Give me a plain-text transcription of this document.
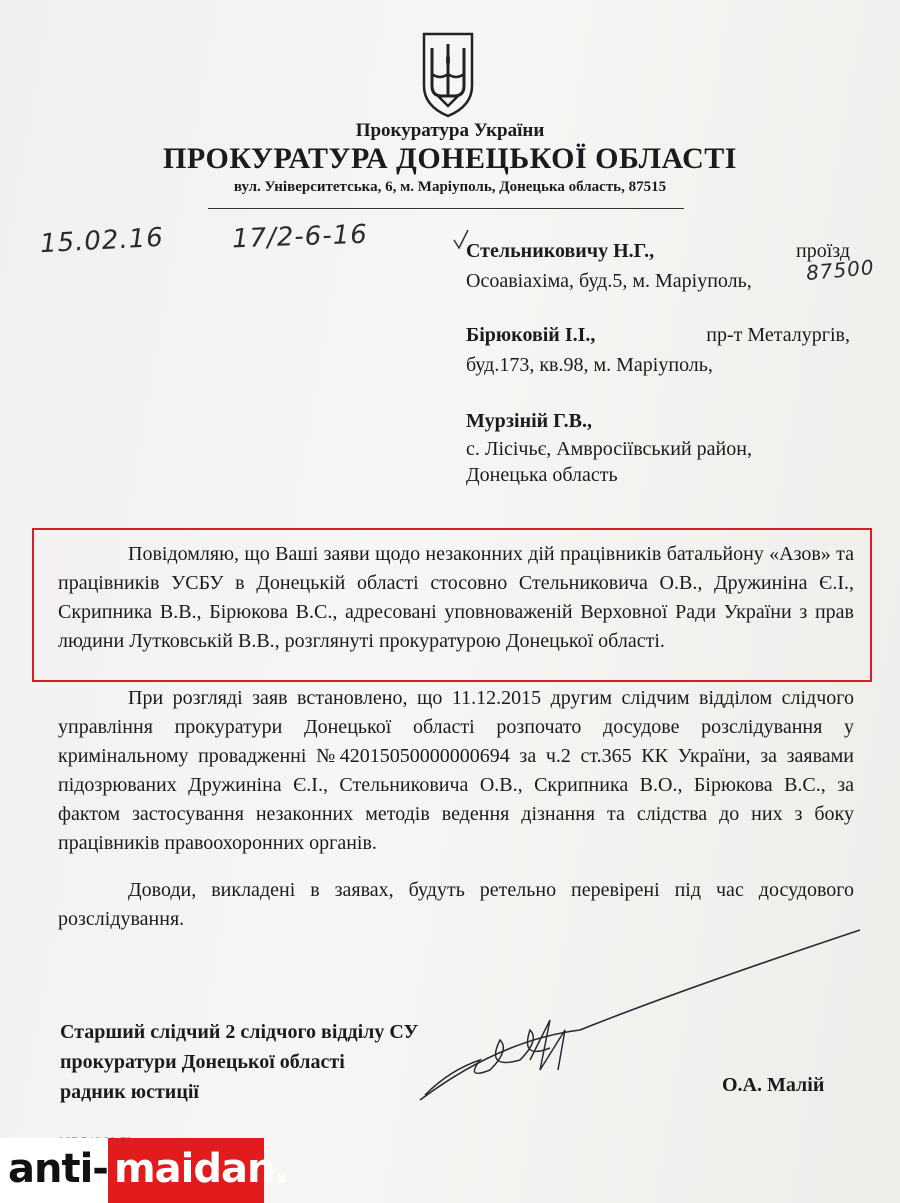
Прокуратура України
ПРОКУРАТУРА ДОНЕЦЬКОЇ ОБЛАСТІ
вул. Університетська, 6, м. Маріуполь, Донецька область, 87515
15.02.16	17/2-6-16	Стельниковичу Н.Г.,	проїзд
Осоавіахіма, буд.5, м. Маріуполь,	87500
Бірюковій І.І.,	пр-т Металургів,
буд.173, кв.98, м. Маріуполь,
Мурзіній Г.В.,
с. Лісічьє, Амвросіївський район,
Донецька область

Повідомляю, що Ваші заяви щодо незаконних дій працівників батальйону «Азов» та працівників УСБУ в Донецькій області стосовно Стельниковича О.В., Дружиніна Є.І., Скрипника В.В., Бірюкова В.С., адресовані уповноваженій Верховної Ради України з прав людини Лутковській В.В., розглянуті прокуратурою Донецької області.

При розгляді заяв встановлено, що 11.12.2015 другим слідчим відділом слідчого управління прокуратури Донецької області розпочато досудове розслідування у кримінальному провадженні №42015050000000694 за ч.2 ст.365 КК України, за заявами підозрюваних Дружиніна Є.І., Стельниковича О.В., Скрипника В.О., Бірюкова В.С., за фактом застосування незаконних методів ведення дізнання та слідства до них з боку працівників правоохоронних органів.

Доводи, викладені в заявах, будуть ретельно перевірені під час досудового розслідування.

Старший слідчий 2 слідчого відділу СУ
прокуратури Донецької області
радник юстиції	О.А. Малій
anti- maidan.
